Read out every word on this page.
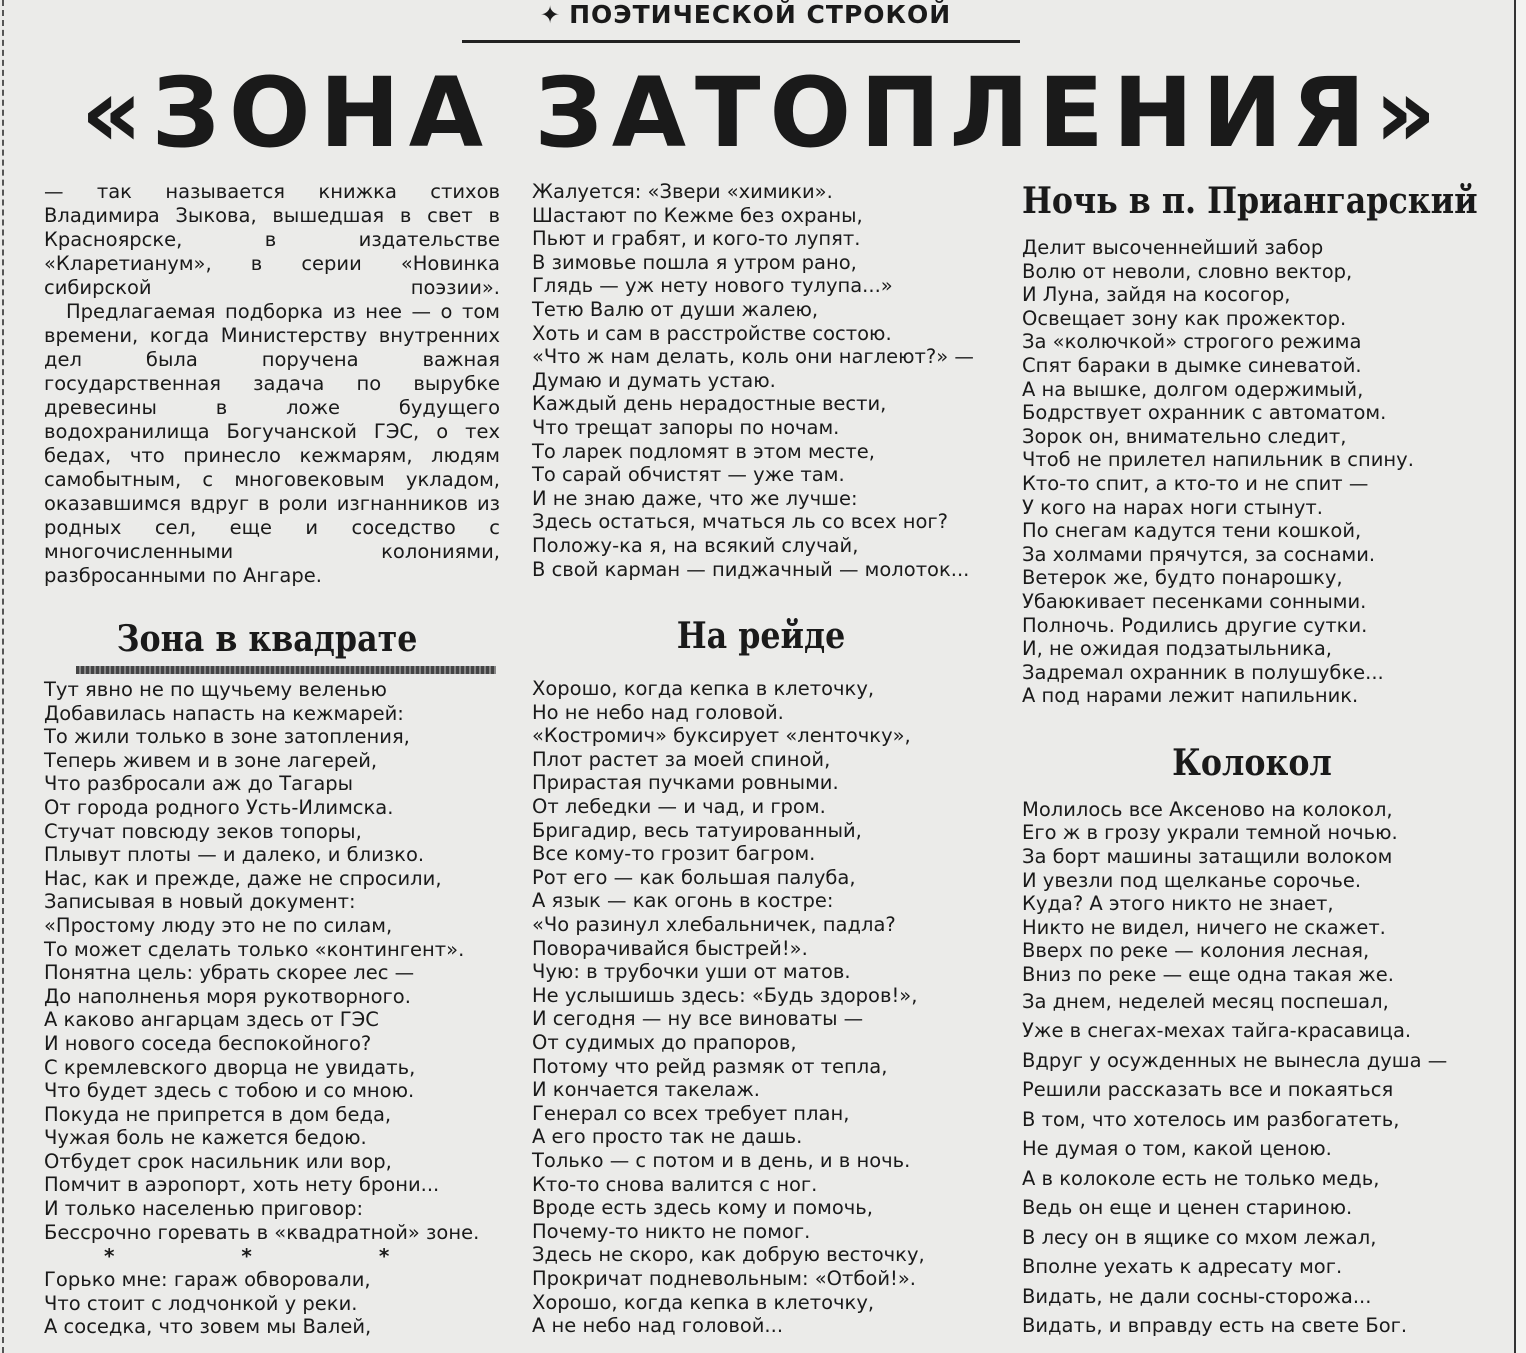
✦ ПОЭТИЧЕСКОЙ СТРОКОЙ
«ЗОНА ЗАТОПЛЕНИЯ»

— так называется книжка стихов Владимира Зыкова, вышедшая в свет в Красноярске, в издательстве «Кларетианум», в серии «Новинка сибирской поэзии».

Предлагаемая подборка из нее — о том времени, когда Министерству внутренних дел была поручена важная государственная задача по вырубке древесины в ложе будущего водохранилища Богучанской ГЭС, о тех бедах, что принесло кежмарям, людям самобытным, с многовековым укладом, оказавшимся вдруг в роли изгнанников из родных сел, еще и соседство с многочисленными колониями, разбросанными по Ангаре.

Зона в квадрате
Тут явно не по щучьему веленью
Добавилась напасть на кежмарей:
То жили только в зоне затопления,
Теперь живем и в зоне лагерей,
Что разбросали аж до Тагары
От города родного Усть-Илимска.
Стучат повсюду зеков топоры,
Плывут плоты — и далеко, и близко.
Нас, как и прежде, даже не спросили,
Записывая в новый документ:
«Простому люду это не по силам,
То может сделать только «контингент».
Понятна цель: убрать скорее лес —
До наполненья моря рукотворного.
А каково ангарцам здесь от ГЭС
И нового соседа беспокойного?
С кремлевского дворца не увидать,
Что будет здесь с тобою и со мною.
Покуда не припрется в дом беда,
Чужая боль не кажется бедою.
Отбудет срок насильник или вор,
Помчит в аэропорт, хоть нету брони...
И только населенью приговор:
Бессрочно горевать в «квадратной» зоне.
* * *
Горько мне: гараж обворовали,
Что стоит с лодчонкой у реки.
А соседка, что зовем мы Валей,
Жалуется: «Звери «химики».
Шастают по Кежме без охраны,
Пьют и грабят, и кого-то лупят.
В зимовье пошла я утром рано,
Глядь — уж нету нового тулупа...»
Тетю Валю от души жалею,
Хоть и сам в расстройстве состою.
«Что ж нам делать, коль они наглеют?» —
Думаю и думать устаю.
Каждый день нерадостные вести,
Что трещат запоры по ночам.
То ларек подломят в этом месте,
То сарай обчистят — уже там.
И не знаю даже, что же лучше:
Здесь остаться, мчаться ль со всех ног?
Положу-ка я, на всякий случай,
В свой карман — пиджачный — молоток...
На рейде
Хорошо, когда кепка в клеточку,
Но не небо над головой.
«Костромич» буксирует «ленточку»,
Плот растет за моей спиной,
Прирастая пучками ровными.
От лебедки — и чад, и гром.
Бригадир, весь татуированный,
Все кому-то грозит багром.
Рот его — как большая палуба,
А язык — как огонь в костре:
«Чо разинул хлебальничек, падла?
Поворачивайся быстрей!».
Чую: в трубочки уши от матов.
Не услышишь здесь: «Будь здоров!»,
И сегодня — ну все виноваты —
От судимых до прапоров,
Потому что рейд размяк от тепла,
И кончается такелаж.
Генерал со всех требует план,
А его просто так не дашь.
Только — с потом и в день, и в ночь.
Кто-то снова валится с ног.
Вроде есть здесь кому и помочь,
Почему-то никто не помог.
Здесь не скоро, как добрую весточку,
Прокричат подневольным: «Отбой!».
Хорошо, когда кепка в клеточку,
А не небо над головой...
Ночь в п. Приангарский
Делит высоченнейший забор
Волю от неволи, словно вектор,
И Луна, зайдя на косогор,
Освещает зону как прожектор.
За «колючкой» строгого режима
Спят бараки в дымке синеватой.
А на вышке, долгом одержимый,
Бодрствует охранник с автоматом.
Зорок он, внимательно следит,
Чтоб не прилетел напильник в спину.
Кто-то спит, а кто-то и не спит —
У кого на нарах ноги стынут.
По снегам кадутся тени кошкой,
За холмами прячутся, за соснами.
Ветерок же, будто понарошку,
Убаюкивает песенками сонными.
Полночь. Родились другие сутки.
И, не ожидая подзатыльника,
Задремал охранник в полушубке...
А под нарами лежит напильник.
Колокол
Молилось все Аксеново на колокол,
Его ж в грозу украли темной ночью.
За борт машины затащили волоком
И увезли под щелканье сорочье.
Куда? А этого никто не знает,
Никто не видел, ничего не скажет.
Вверх по реке — колония лесная,
Вниз по реке — еще одна такая же.
За днем, неделей месяц поспешал,
Уже в снегах-мехах тайга-красавица.
Вдруг у осужденных не вынесла душа —
Решили рассказать все и покаяться
В том, что хотелось им разбогатеть,
Не думая о том, какой ценою.
А в колоколе есть не только медь,
Ведь он еще и ценен стариною.
В лесу он в ящике со мхом лежал,
Вполне уехать к адресату мог.
Видать, не дали сосны-сторожа...
Видать, и вправду есть на свете Бог.
